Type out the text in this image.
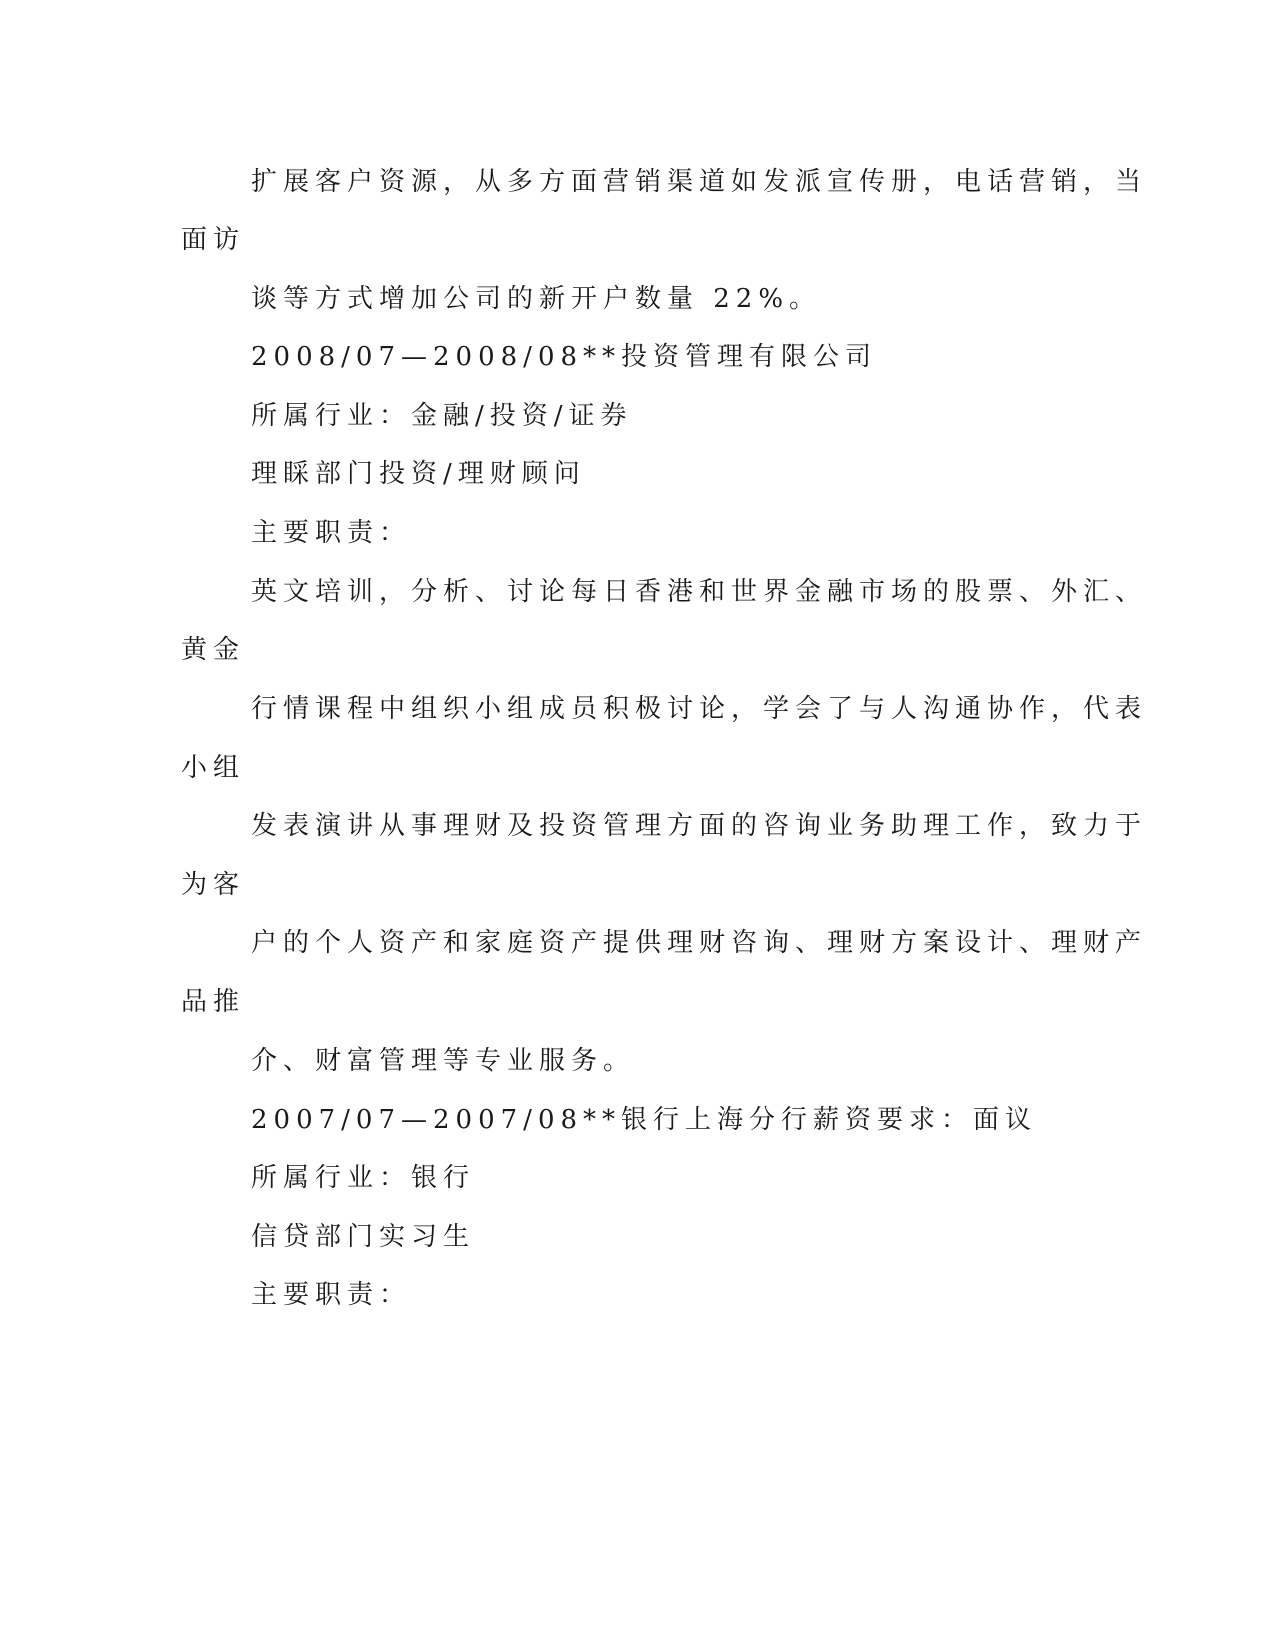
扩展客户资源，从多方面营销渠道如发派宣传册，电话营销，当

面访

谈等方式增加公司的新开户数量 22%。

2008/07—2008/08**投资管理有限公司

所属行业：金融/投资/证券

理睬部门投资/理财顾问

主要职责：

英文培训，分析、讨论每日香港和世界金融市场的股票、外汇、

黄金

行情课程中组织小组成员积极讨论，学会了与人沟通协作，代表

小组

发表演讲从事理财及投资管理方面的咨询业务助理工作，致力于

为客

户的个人资产和家庭资产提供理财咨询、理财方案设计、理财产

品推

介、财富管理等专业服务。

2007/07—2007/08**银行上海分行薪资要求：面议

所属行业：银行

信贷部门实习生

主要职责：
